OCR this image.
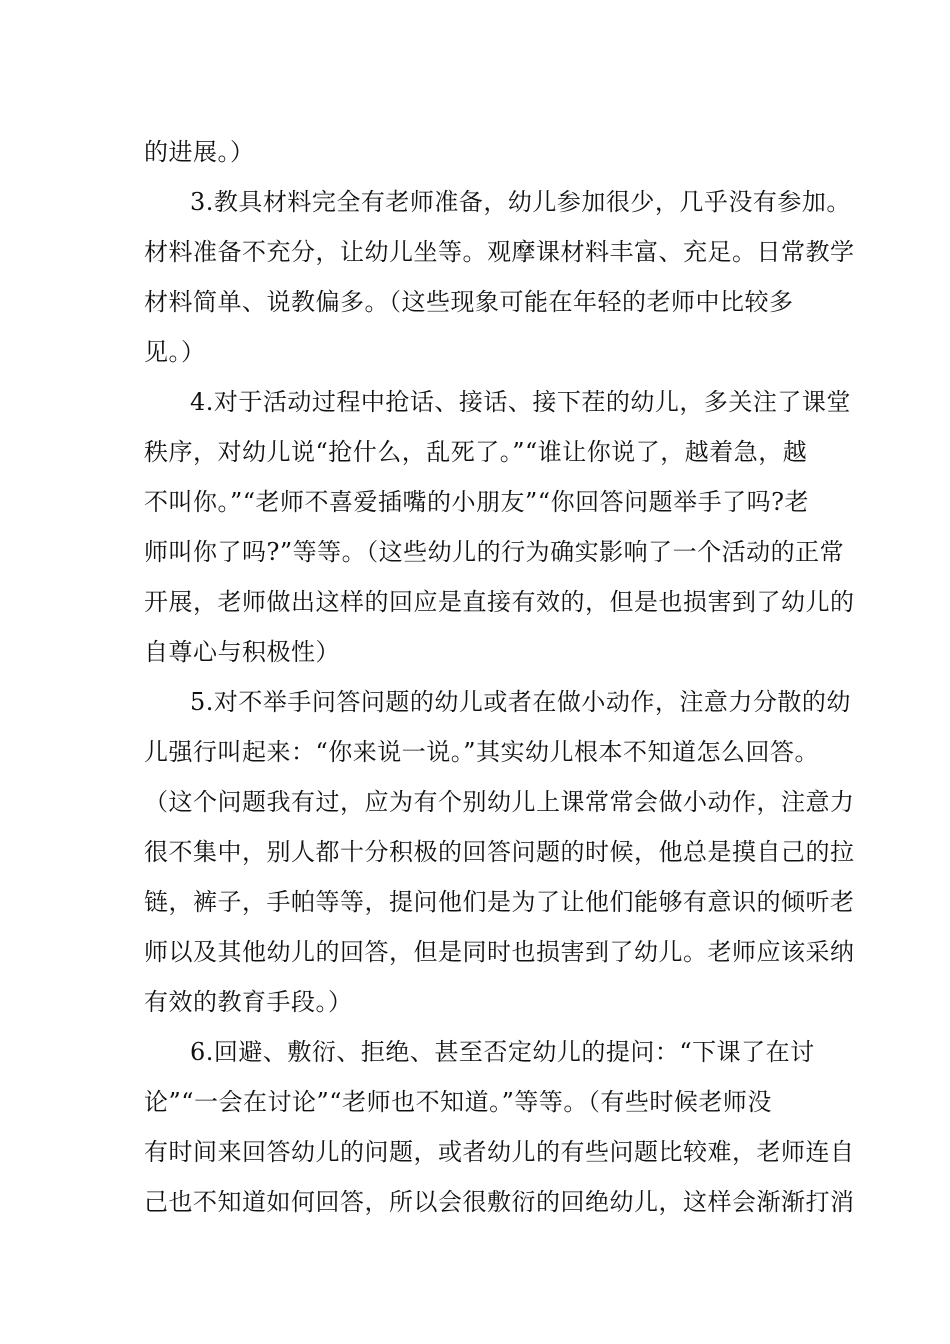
的进展。）
3.教具材料完全有老师准备，幼儿参加很少，几乎没有参加。
材料准备不充分，让幼儿坐等。观摩课材料丰富、充足。日常教学
材料简单、说教偏多。（这些现象可能在年轻的老师中比较多
见。）
4.对于活动过程中抢话、接话、接下茬的幼儿，多关注了课堂
秩序，对幼儿说“抢什么，乱死了。”“谁让你说了，越着急，越
不叫你。”“老师不喜爱插嘴的小朋友”“你回答问题举手了吗?老
师叫你了吗?”等等。（这些幼儿的行为确实影响了一个活动的正常
开展，老师做出这样的回应是直接有效的，但是也损害到了幼儿的
自尊心与积极性）
5.对不举手问答问题的幼儿或者在做小动作，注意力分散的幼
儿强行叫起来：“你来说一说。”其实幼儿根本不知道怎么回答。
（这个问题我有过，应为有个别幼儿上课常常会做小动作，注意力
很不集中，别人都十分积极的回答问题的时候，他总是摸自己的拉
链，裤子，手帕等等，提问他们是为了让他们能够有意识的倾听老
师以及其他幼儿的回答，但是同时也损害到了幼儿。老师应该采纳
有效的教育手段。）
6.回避、敷衍、拒绝、甚至否定幼儿的提问：“下课了在讨
论”“一会在讨论”“老师也不知道。”等等。（有些时候老师没
有时间来回答幼儿的问题，或者幼儿的有些问题比较难，老师连自
己也不知道如何回答，所以会很敷衍的回绝幼儿，这样会渐渐打消
